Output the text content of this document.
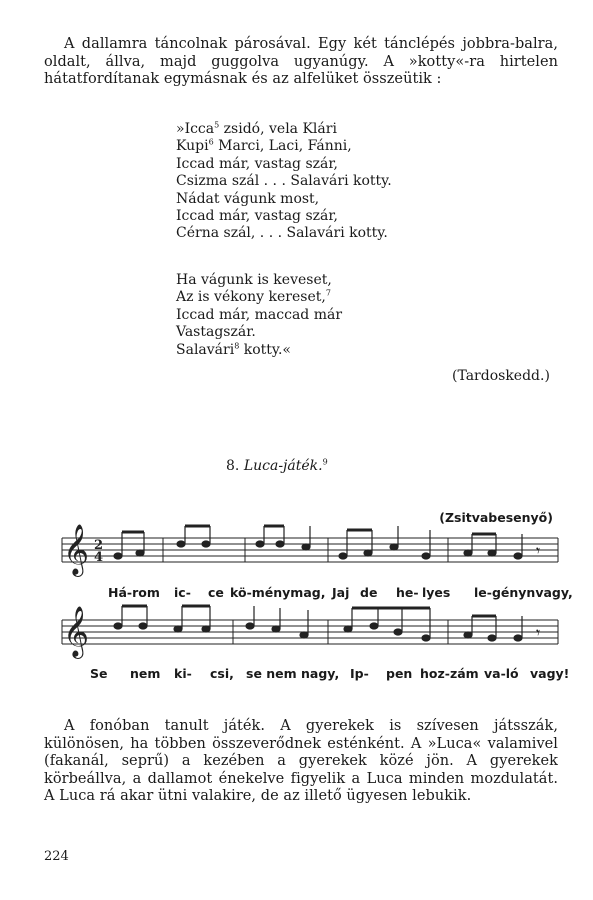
A dallamra táncolnak párosával. Egy két tánclépés jobbra-balra, oldalt, állva, majd guggolva ugyanúgy. A »kotty«-ra hirtelen hátatfordítanak egymásnak és az alfelüket összeütik :

»Icca$^5$ zsidó, vela Klári
Kupi$^6$ Marci, Laci, Fánni,
Iccad már, vastag szár,
Csizma szál . . . Salavári kotty.
Nádat vágunk most,
Iccad már, vastag szár,
Cérna szál, . . . Salavári kotty.
Ha vágunk is keveset,
Az is vékony kereset,$^7$
Iccad már, maccad már
Vastagszár.
Salavári$^8$ kotty.«
(Tardoskedd.)
8. Luca-játék.$^9$
(Zsitvabesenyő)
𝄞 2
4	𝄾
Há-rom ic- ce kö-ménymag, Jaj de he- lyes le-génynvagy,
𝄞	𝄾
Se nem ki- csi, se nem nagy, Ip- pen hoz-zám va-ló vagy!

A fonóban tanult játék. A gyerekek is szívesen játsszák, különösen, ha többen összeverődnek esténként. A »Luca« valamivel (fakanál, seprű) a kezében a gyerekek közé jön. A gyerekek körbeállva, a dallamot énekelve figyelik a Luca minden mozdulatát. A Luca rá akar ütni valakire, de az illető ügyesen lebukik.

224
